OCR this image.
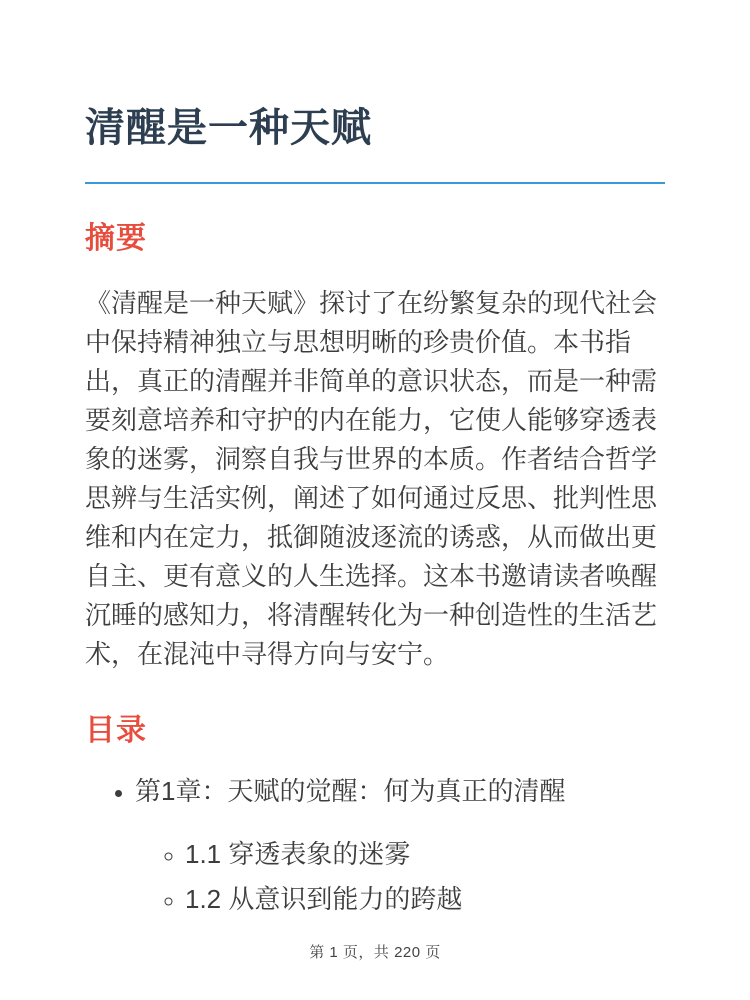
清醒是一种天赋
摘要

《清醒是一种天赋》探讨了在纷繁复杂的现代社会中保持精神独立与思想明晰的珍贵价值。本书指出，真正的清醒并非简单的意识状态，而是一种需要刻意培养和守护的内在能力，它使人能够穿透表象的迷雾，洞察自我与世界的本质。作者结合哲学思辨与生活实例，阐述了如何通过反思、批判性思维和内在定力，抵御随波逐流的诱惑，从而做出更自主、更有意义的人生选择。这本书邀请读者唤醒沉睡的感知力，将清醒转化为一种创造性的生活艺术，在混沌中寻得方向与安宁。

目录
• 第1章：天赋的觉醒：何为真正的清醒
◦ 1.1 穿透表象的迷雾
◦ 1.2 从意识到能力的跨越
第 1 页，共 220 页
